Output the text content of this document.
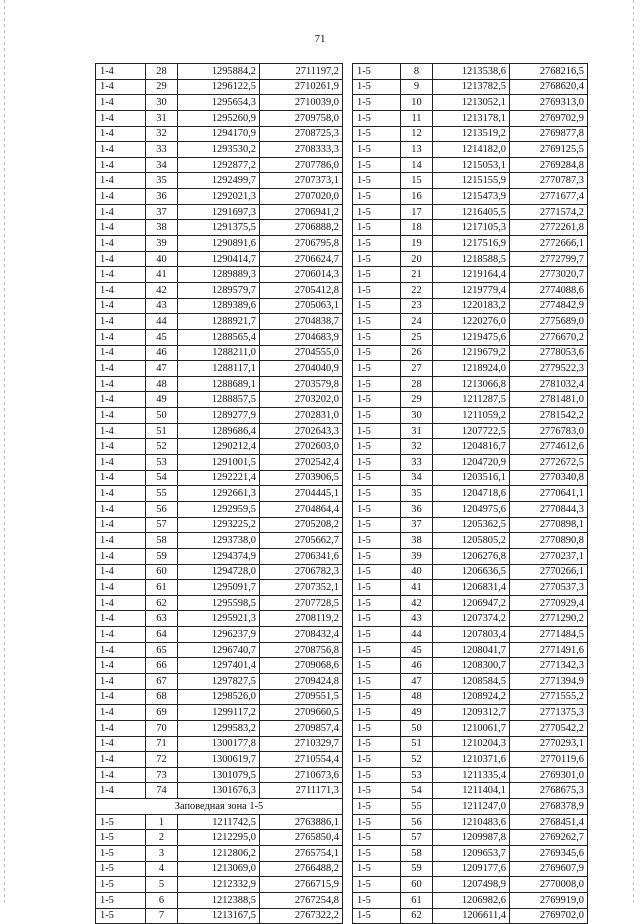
71
1-4	28	1295884,2	2711197,2
1-4	29	1296122,5	2710261,9
1-4	30	1295654,3	2710039,0
1-4	31	1295260,9	2709758,0
1-4	32	1294170,9	2708725,3
1-4	33	1293530,2	2708333,3
1-4	34	1292877,2	2707786,0
1-4	35	1292499,7	2707373,1
1-4	36	1292021,3	2707020,0
1-4	37	1291697,3	2706941,2
1-4	38	1291375,5	2706888,2
1-4	39	1290891,6	2706795,8
1-4	40	1290414,7	2706624,7
1-4	41	1289889,3	2706014,3
1-4	42	1289579,7	2705412,8
1-4	43	1289389,6	2705063,1
1-4	44	1288921,7	2704838,7
1-4	45	1288565,4	2704683,9
1-4	46	1288211,0	2704555,0
1-4	47	1288117,1	2704040,9
1-4	48	1288689,1	2703579,8
1-4	49	1288857,5	2703202,0
1-4	50	1289277,9	2702831,0
1-4	51	1289686,4	2702643,3
1-4	52	1290212,4	2702603,0
1-4	53	1291001,5	2702542,4
1-4	54	1292221,4	2703906,5
1-4	55	1292661,3	2704445,1
1-4	56	1292959,5	2704864,4
1-4	57	1293225,2	2705208,2
1-4	58	1293738,0	2705662,7
1-4	59	1294374,9	2706341,6
1-4	60	1294728,0	2706782,3
1-4	61	1295091,7	2707352,1
1-4	62	1295598,5	2707728,5
1-4	63	1295921,3	2708119,2
1-4	64	1296237,9	2708432,4
1-4	65	1296740,7	2708756,8
1-4	66	1297401,4	2709068,6
1-4	67	1297827,5	2709424,8
1-4	68	1298526,0	2709551,5
1-4	69	1299117,2	2709660,5
1-4	70	1299583,2	2709857,4
1-4	71	1300177,8	2710329,7
1-4	72	1300619,7	2710554,4
1-4	73	1301079,5	2710673,6
1-4	74	1301676,3	2711171,3
Заповедная зона 1-5			
1-5	1	1211742,5	2763886,1
1-5	2	1212295,0	2765850,4
1-5	3	1212806,2	2765754,1
1-5	4	1213069,0	2766488,2
1-5	5	1212332,9	2766715,9
1-5	6	1212388,5	2767254,8
1-5	7	1213167,5	2767322,2
1-5	8	1213538,6	2768216,5
1-5	9	1213782,5	2768620,4
1-5	10	1213052,1	2769313,0
1-5	11	1213178,1	2769702,9
1-5	12	1213519,2	2769877,8
1-5	13	1214182,0	2769125,5
1-5	14	1215053,1	2769284,8
1-5	15	1215155,9	2770787,3
1-5	16	1215473,9	2771677,4
1-5	17	1216405,5	2771574,2
1-5	18	1217105,3	2772261,8
1-5	19	1217516,9	2772666,1
1-5	20	1218588,5	2772799,7
1-5	21	1219164,4	2773020,7
1-5	22	1219779,4	2774088,6
1-5	23	1220183,2	2774842,9
1-5	24	1220276,0	2775689,0
1-5	25	1219475,6	2776670,2
1-5	26	1219679,2	2778053,6
1-5	27	1218924,0	2779522,3
1-5	28	1213066,8	2781032,4
1-5	29	1211287,5	2781481,0
1-5	30	1211059,2	2781542,2
1-5	31	1207722,5	2776783,0
1-5	32	1204816,7	2774612,6
1-5	33	1204720,9	2772672,5
1-5	34	1203516,1	2770340,8
1-5	35	1204718,6	2770641,1
1-5	36	1204975,6	2770844,3
1-5	37	1205362,5	2770898,1
1-5	38	1205805,2	2770890,8
1-5	39	1206276,8	2770237,1
1-5	40	1206636,5	2770266,1
1-5	41	1206831,4	2770537,3
1-5	42	1206947,2	2770929,4
1-5	43	1207374,2	2771290,2
1-5	44	1207803,4	2771484,5
1-5	45	1208041,7	2771491,6
1-5	46	1208300,7	2771342,3
1-5	47	1208584,5	2771394,9
1-5	48	1208924,2	2771555,2
1-5	49	1209312,7	2771375,3
1-5	50	1210061,7	2770542,2
1-5	51	1210204,3	2770293,1
1-5	52	1210371,6	2770119,6
1-5	53	1211335,4	2769301,0
1-5	54	1211404,1	2768675,3
1-5	55	1211247,0	2768378,9
1-5	56	1210483,6	2768451,4
1-5	57	1209987,8	2769262,7
1-5	58	1209653,7	2769345,6
1-5	59	1209177,6	2769607,9
1-5	60	1207498,9	2770008,0
1-5	61	1206982,6	2769919,0
1-5	62	1206611,4	2769702,0
